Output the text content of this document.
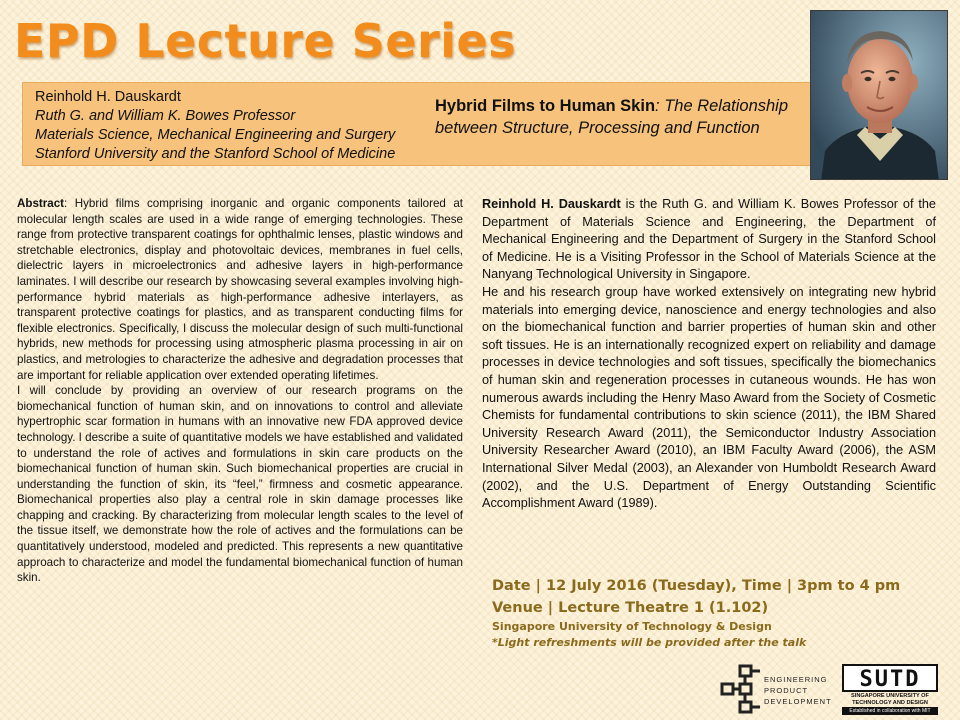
EPD Lecture Series
Reinhold H. Dauskardt
Ruth G. and William K. Bowes Professor
Materials Science, Mechanical Engineering and Surgery
Stanford University and the Stanford School of Medicine
Hybrid Films to Human Skin: The Relationship between Structure, Processing and Function

Abstract: Hybrid films comprising inorganic and organic components tailored at molecular length scales are used in a wide range of emerging technologies. These range from protective transparent coatings for ophthalmic lenses, plastic windows and stretchable electronics, display and photovoltaic devices, membranes in fuel cells, dielectric layers in microelectronics and adhesive layers in high-performance laminates. I will describe our research by showcasing several examples involving high-performance hybrid materials as high-performance adhesive interlayers, as transparent protective coatings for plastics, and as transparent conducting films for flexible electronics. Specifically, I discuss the molecular design of such multi-functional hybrids, new methods for processing using atmospheric plasma processing in air on plastics, and metrologies to characterize the adhesive and degradation processes that are important for reliable application over extended operating lifetimes.

I will conclude by providing an overview of our research programs on the biomechanical function of human skin, and on innovations to control and alleviate hypertrophic scar formation in humans with an innovative new FDA approved device technology. I describe a suite of quantitative models we have established and validated to understand the role of actives and formulations in skin care products on the biomechanical function of human skin. Such biomechanical properties are crucial in understanding the function of skin, its “feel,” firmness and cosmetic appearance. Biomechanical properties also play a central role in skin damage processes like chapping and cracking. By characterizing from molecular length scales to the level of the tissue itself, we demonstrate how the role of actives and the formulations can be quantitatively understood, modeled and predicted. This represents a new quantitative approach to characterize and model the fundamental biomechanical function of human skin.

Reinhold H. Dauskardt is the Ruth G. and William K. Bowes Professor of the Department of Materials Science and Engineering, the Department of Mechanical Engineering and the Department of Surgery in the Stanford School of Medicine. He is a Visiting Professor in the School of Materials Science at the Nanyang Technological University in Singapore.

He and his research group have worked extensively on integrating new hybrid materials into emerging device, nanoscience and energy technologies and also on the biomechanical function and barrier properties of human skin and other soft tissues. He is an internationally recognized expert on reliability and damage processes in device technologies and soft tissues, specifically the biomechanics of human skin and regeneration processes in cutaneous wounds. He has won numerous awards including the Henry Maso Award from the Society of Cosmetic Chemists for fundamental contributions to skin science (2011), the IBM Shared University Research Award (2011), the Semiconductor Industry Association University Researcher Award (2010), an IBM Faculty Award (2006), the ASM International Silver Medal (2003), an Alexander von Humboldt Research Award (2002), and the U.S. Department of Energy Outstanding Scientific Accomplishment Award (1989).

Date | 12 July 2016 (Tuesday), Time | 3pm to 4 pm
Venue | Lecture Theatre 1 (1.102)
Singapore University of Technology & Design
*Light refreshments will be provided after the talk
ENGINEERING
PRODUCT
DEVELOPMENT
SUTD
SINGAPORE UNIVERSITY OF TECHNOLOGY AND DESIGN
Established in collaboration with MIT
